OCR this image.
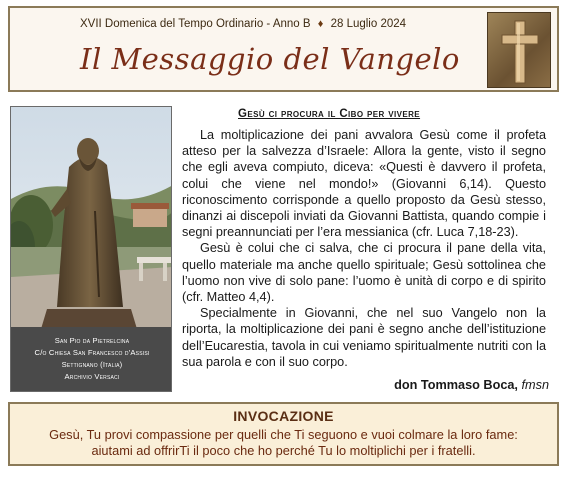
XVII Domenica del Tempo Ordinario - Anno B ♦ 28 Luglio 2024
Il Messaggio del Vangelo
San Pio da Pietrelcina
C/o Chiesa San Francesco d'Assisi
Settignano (Italia)
Archivio Versaci
Gesù ci procura il Cibo per vivere

La moltiplicazione dei pani avvalora Gesù come il profeta atteso per la salvezza d’Israele: Allora la gente, visto il segno che egli aveva compiuto, diceva: «Questi è davvero il profeta, colui che viene nel mondo!» (Giovanni 6,14). Questo riconoscimento corrisponde a quello proposto da Gesù stesso, dinanzi ai discepoli inviati da Giovanni Battista, quando compie i segni preannunciati per l’era messianica (cfr. Luca 7,18-23).

Gesù è colui che ci salva, che ci procura il pane della vita, quello materiale ma anche quello spirituale; Gesù sottolinea che l’uomo non vive di solo pane: l’uomo è unità di corpo e di spirito (cfr. Matteo 4,4).

Specialmente in Giovanni, che nel suo Vangelo non la riporta, la moltiplicazione dei pani è segno anche dell’istituzione dell’Eucarestia, tavola in cui veniamo spiritualmente nutriti con la sua parola e con il suo corpo.

don Tommaso Boca, fmsn
INVOCAZIONE
Gesù, Tu provi compassione per quelli che Ti seguono e vuoi colmare la loro fame:
aiutami ad offrirTi il poco che ho perché Tu lo moltiplichi per i fratelli.
